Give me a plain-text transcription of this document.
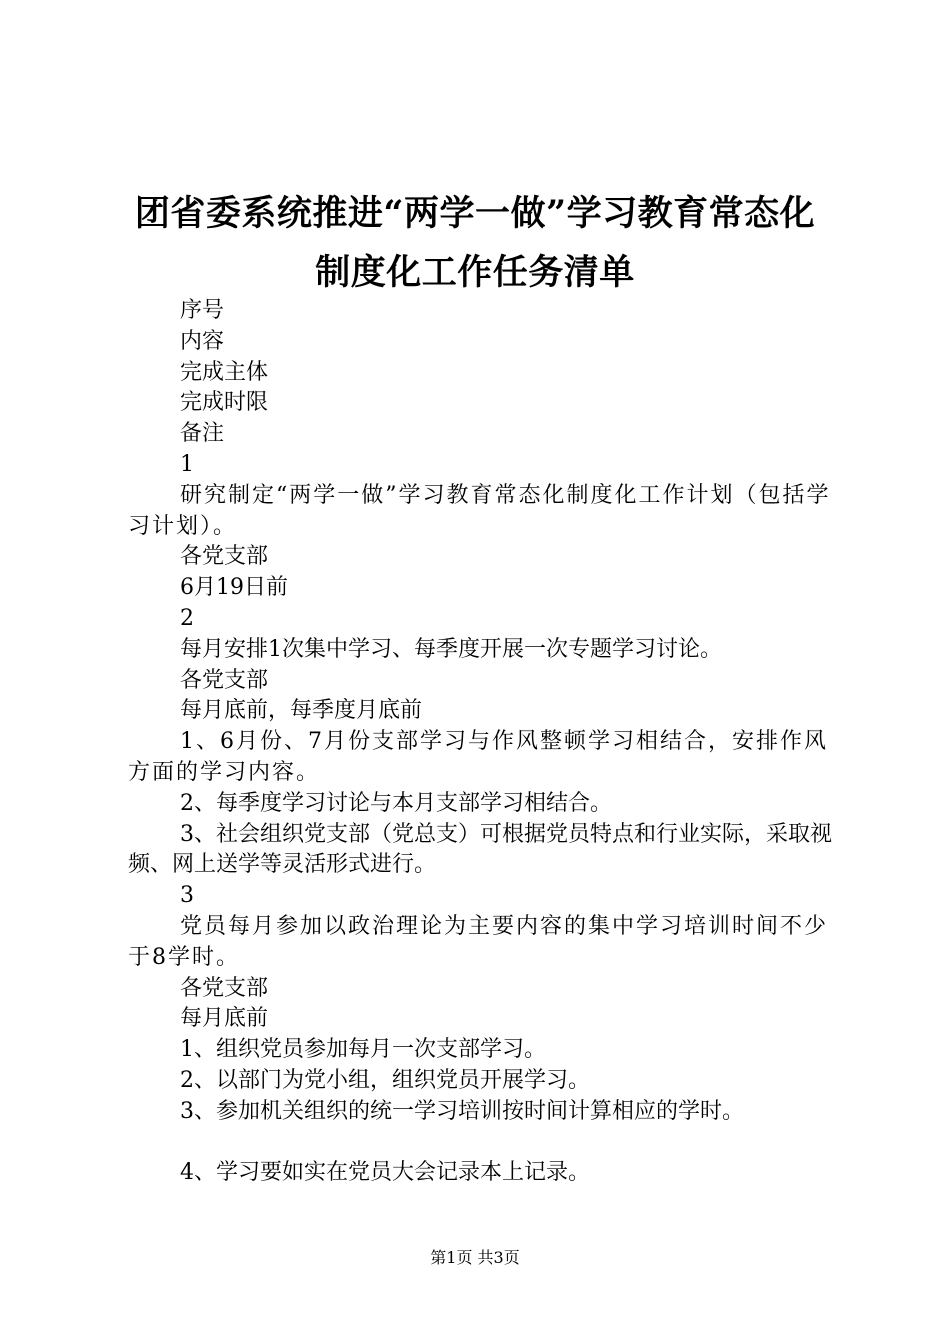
团省委系统推进“两学一做”学习教育常态化
制度化工作任务清单

序号

内容

完成主体

完成时限

备注

1

研究制定“两学一做”学习教育常态化制度化工作计划（包括学习计划）。

各党支部

6月19日前

2

每月安排1次集中学习、每季度开展一次专题学习讨论。

各党支部

每月底前，每季度月底前

1、6月份、7月份支部学习与作风整顿学习相结合，安排作风方面的学习内容。

2、每季度学习讨论与本月支部学习相结合。

3、社会组织党支部（党总支）可根据党员特点和行业实际，采取视频、网上送学等灵活形式进行。

3

党员每月参加以政治理论为主要内容的集中学习培训时间不少于8学时。

各党支部

每月底前

1、组织党员参加每月一次支部学习。

2、以部门为党小组，组织党员开展学习。

3、参加机关组织的统一学习培训按时间计算相应的学时。

4、学习要如实在党员大会记录本上记录。

第1页 共3页
